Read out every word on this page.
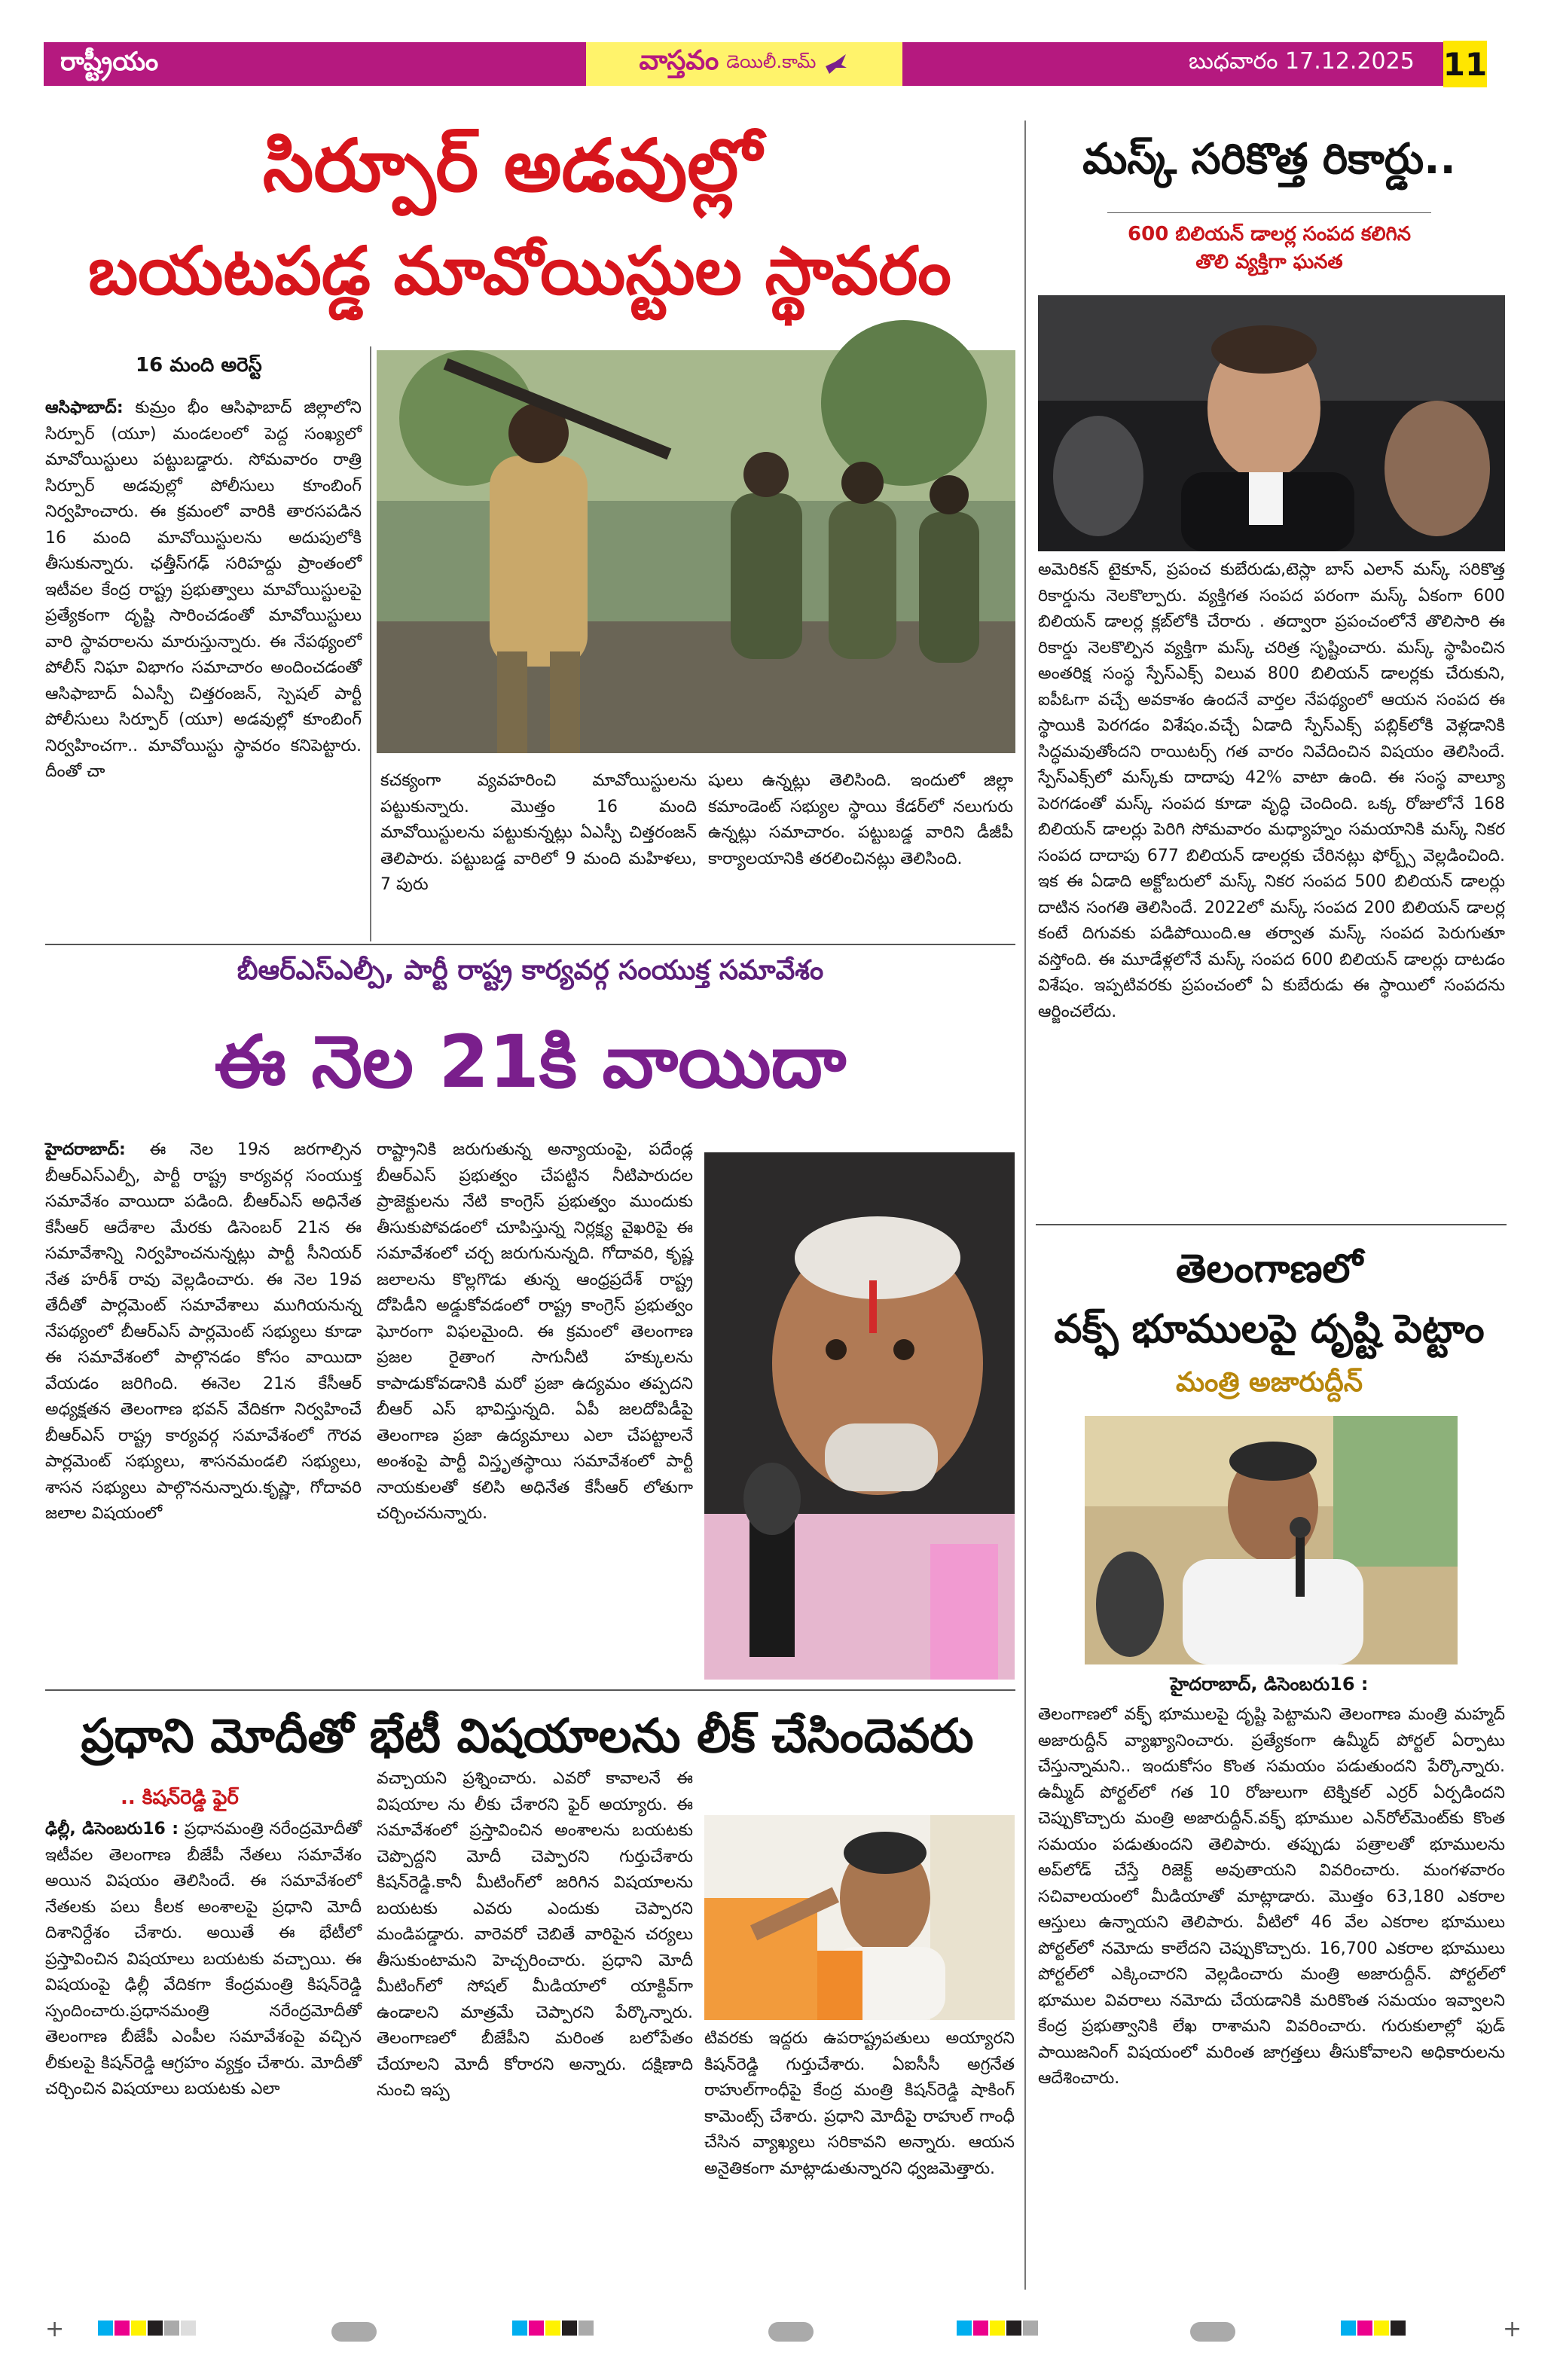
రాష్ట్రీయం	వాస్తవం డెయిలీ.కామ్	బుధవారం 17.12.2025 11
సిర్పూర్‌ అడవుల్లో
బయటపడ్డ మావోయిస్టుల స్థావరం
16 మంది అరెస్ట్‌
ఆసిఫాబాద్‌: కుమ్రం భీం ఆసిఫాబాద్‌ జిల్లాలోని సిర్పూర్‌ (యూ) మండలంలో పెద్ద సంఖ్యలో మావోయిస్టులు పట్టుబడ్డారు. సోమవారం రాత్రి సిర్పూర్‌ అడవుల్లో పోలీసులు కూంబింగ్‌ నిర్వహించారు. ఈ క్రమంలో వారికి తారసపడిన 16 మంది మావోయిస్టులను అదుపులోకి తీసుకున్నారు. ఛత్తీస్‌గఢ్‌ సరిహద్దు ప్రాంతంలో ఇటీవల కేంద్ర రాష్ట్ర ప్రభుత్వాలు మావోయిస్టులపై ప్రత్యేకంగా దృష్టి సారించడంతో మావోయిస్టులు వారి స్థావరాలను మారుస్తున్నారు. ఈ నేపథ్యంలో పోలీస్‌ నిఘా విభాగం సమాచారం అందించడంతో ఆసిఫాబాద్‌ ఏఎస్పీ చిత్తరంజన్‌, స్పెషల్‌ పార్టీ పోలీసులు సిర్పూర్‌ (యూ) అడవుల్లో కూంబింగ్‌ నిర్వహించగా.. మావోయిస్టు స్థావరం కనిపెట్టారు. దీంతో చా	కచక్యంగా వ్యవహరించి మావోయిస్టులను పట్టుకున్నారు. మొత్తం 16 మంది మావోయిస్టులను పట్టుకున్నట్లు ఏఎస్పీ చిత్తరంజన్‌ తెలిపారు. పట్టుబడ్డ వారిలో 9 మంది మహిళలు, 7 పురు
షులు ఉన్నట్లు తెలిసింది. ఇందులో జిల్లా కమాండెంట్‌ సభ్యుల స్థాయి కేడర్‌లో నలుగురు ఉన్నట్లు సమాచారం. పట్టుబడ్డ వారిని డీజీపీ కార్యాలయానికి తరలించినట్లు తెలిసింది.
బీఆర్‌ఎస్‌ఎల్పీ, పార్టీ రాష్ట్ర కార్యవర్గ సంయుక్త సమావేశం
ఈ నెల 21కి వాయిదా
హైదరాబాద్‌: ఈ నెల 19న జరగాల్సిన బీఆర్‌ఎస్‌ఎల్పీ, పార్టీ రాష్ట్ర కార్యవర్గ సంయుక్త సమావేశం వాయిదా పడింది. బీఆర్‌ఎస్‌ అధినేత కేసీఆర్‌ ఆదేశాల మేరకు డిసెంబర్‌ 21న ఈ సమావేశాన్ని నిర్వహించనున్నట్లు పార్టీ సీనియర్‌ నేత హరీశ్‌ రావు వెల్లడించారు. ఈ నెల 19వ తేదీతో పార్లమెంట్‌ సమావేశాలు ముగియనున్న నేపథ్యంలో బీఆర్‌ఎస్‌ పార్లమెంట్‌ సభ్యులు కూడా ఈ సమావేశంలో పాల్గొనడం కోసం వాయిదా వేయడం జరిగింది. ఈనెల 21న కేసీఆర్‌ అధ్యక్షతన తెలంగాణ భవన్‌ వేదికగా నిర్వహించే బీఆర్‌ఎస్‌ రాష్ట్ర కార్యవర్గ సమావేశంలో గౌరవ పార్లమెంట్‌ సభ్యులు, శాసనమండలి సభ్యులు, శాసన సభ్యులు పాల్గొననున్నారు.కృష్ణా, గోదావరి జలాల విషయంలో
రాష్ట్రానికి జరుగుతున్న అన్యాయంపై, పదేండ్ల బీఆర్‌ఎస్‌ ప్రభుత్వం చేపట్టిన నీటిపారుదల ప్రాజెక్టులను నేటి కాంగ్రెస్‌ ప్రభుత్వం ముందుకు తీసుకుపోవడంలో చూపిస్తున్న నిర్లక్ష్య వైఖరిపై ఈ సమావేశంలో చర్చ జరుగునున్నది. గోదావరి, కృష్ణ జలాలను కొల్లగొడు తున్న ఆంధ్రప్రదేశ్‌ రాష్ట్ర దోపిడీని అడ్డుకోవడంలో రాష్ట్ర కాంగ్రెస్‌ ప్రభుత్వం ఘోరంగా విఫలమైంది. ఈ క్రమంలో తెలంగాణ ప్రజల రైతాంగ సాగునీటి హక్కులను కాపాడుకోవడానికి మరో ప్రజా ఉద్యమం తప్పదని బీఆర్‌ ఎస్‌ భావిస్తున్నది. ఏపీ జలదోపిడీపై తెలంగాణ ప్రజా ఉద్యమాలు ఎలా చేపట్టాలనే అంశంపై పార్టీ విస్తృతస్థాయి సమావేశంలో పార్టీ నాయకులతో కలిసి అధినేత కేసీఆర్‌ లోతుగా చర్చించనున్నారు.
ప్రధాని మోదీతో భేటీ విషయాలను లీక్‌ చేసిందెవరు
.. కిషన్‌రెడ్డి ఫైర్‌
ఢిల్లీ, డిసెంబరు16 : ప్రధానమంత్రి నరేంద్రమోదీతో ఇటీవల తెలంగాణ బీజేపీ నేతలు సమావేశం అయిన విషయం తెలిసిందే. ఈ సమావేశంలో నేతలకు పలు కీలక అంశాలపై ప్రధాని మోదీ దిశానిర్దేశం చేశారు. అయితే ఈ భేటీలో ప్రస్తావించిన విషయాలు బయటకు వచ్చాయి. ఈ విషయంపై ఢిల్లీ వేదికగా కేంద్రమంత్రి కిషన్‌రెడ్డి స్పందించారు.ప్రధానమంత్రి నరేంద్రమోదీతో తెలంగాణ బీజేపీ ఎంపీల సమావేశంపై వచ్చిన లీకులపై కిషన్‌రెడ్డి ఆగ్రహం వ్యక్తం చేశారు. మోదీతో చర్చించిన విషయాలు బయటకు ఎలా
వచ్చాయని ప్రశ్నించారు. ఎవరో కావాలనే ఈ విషయాల ను లీకు చేశారని ఫైర్‌ అయ్యారు. ఈ సమావేశంలో ప్రస్తావించిన అంశాలను బయటకు చెప్పొద్దని మోదీ చెప్పారని గుర్తుచేశారు కిషన్‌రెడ్డి.కానీ మీటింగ్‌లో జరిగిన విషయాలను బయటకు ఎవరు ఎందుకు చెప్పారని మండిపడ్డారు. వారెవరో చెబితే వారిపైన చర్యలు తీసుకుంటామని హెచ్చరించారు. ప్రధాని మోదీ మీటింగ్‌లో సోషల్‌ మీడియాలో యాక్టివ్‌గా ఉండాలని మాత్రమే చెప్పారని పేర్కొన్నారు. తెలంగాణలో బీజేపీని మరింత బలోపేతం చేయాలని మోదీ కోరారని అన్నారు. దక్షిణాది నుంచి ఇప్ప
టివరకు ఇద్దరు ఉపరాష్ట్రపతులు అయ్యారని కిషన్‌రెడ్డి గుర్తుచేశారు. ఏఐసీసీ అగ్రనేత రాహుల్‌గాంధీపై కేంద్ర మంత్రి కిషన్‌రెడ్డి షాకింగ్‌ కామెంట్స్‌ చేశారు. ప్రధాని మోదీపై రాహుల్‌ గాంధీ చేసిన వ్యాఖ్యలు సరికావని అన్నారు. ఆయన అనైతికంగా మాట్లాడుతున్నారని ధ్వజమెత్తారు.
మస్క్‌ సరికొత్త రికార్డు..
600 బిలియన్‌ డాలర్ల సంపద కలిగిన
తొలి వ్యక్తిగా ఘనత
అమెరికన్‌ టైకూన్‌, ప్రపంచ కుబేరుడు,టెస్లా బాస్‌ ఎలాన్‌ మస్క్‌ సరికొత్త రికార్డును నెలకొల్పారు. వ్యక్తిగత సంపద పరంగా మస్క్‌ ఏకంగా 600 బిలియన్‌ డాలర్ల క్లబ్‌లోకి చేరారు . తద్వారా ప్రపంచంలోనే తొలిసారి ఈ రికార్డు నెలకొల్పిన వ్యక్తిగా మస్క్‌ చరిత్ర సృష్టించారు. మస్క్‌ స్థాపించిన అంతరిక్ష సంస్థ స్పేస్‌ఎక్స్‌ విలువ 800 బిలియన్‌ డాలర్లకు చేరుకుని, ఐపీఓగా వచ్చే అవకాశం ఉందనే వార్తల నేపథ్యంలో ఆయన సంపద ఈ స్థాయికి పెరగడం విశేషం.వచ్చే ఏడాది స్పేస్‌ఎక్స్‌ పబ్లిక్‌లోకి వెళ్లడానికి సిద్ధమవుతోందని రాయిటర్స్‌ గత వారం నివేదించిన విషయం తెలిసిందే. స్పేస్‌ఎక్స్‌లో మస్క్‌కు దాదాపు 42% వాటా ఉంది. ఈ సంస్థ వాల్యూ పెరగడంతో మస్క్‌ సంపద కూడా వృద్ధి చెందింది. ఒక్క రోజులోనే 168 బిలియన్‌ డాలర్లు పెరిగి సోమవారం మధ్యాహ్నం సమయానికి మస్క్‌ నికర సంపద దాదాపు 677 బిలియన్‌ డాలర్లకు చేరినట్లు ఫోర్బ్స్‌ వెల్లడించింది. ఇక ఈ ఏడాది అక్టోబరులో మస్క్‌ నికర సంపద 500 బిలియన్‌ డాలర్లు దాటిన సంగతి తెలిసిందే. 2022లో మస్క్‌ సంపద 200 బిలియన్‌ డాలర్ల కంటే దిగువకు పడిపోయింది.ఆ తర్వాత మస్క్‌ సంపద పెరుగుతూ వస్తోంది. ఈ మూడేళ్లలోనే మస్క్‌ సంపద 600 బిలియన్‌ డాలర్లు దాటడం విశేషం. ఇప్పటివరకు ప్రపంచంలో ఏ కుబేరుడు ఈ స్థాయిలో సంపదను ఆర్జించలేదు.
తెలంగాణలో
వక్ఫ్‌ భూములపై దృష్టి పెట్టాం
మంత్రి అజారుద్దీన్‌
హైదరాబాద్‌, డిసెంబరు16 :
తెలంగాణలో వక్ఫ్‌ భూములపై దృష్టి పెట్టామని తెలంగాణ మంత్రి మహ్మద్‌ అజారుద్దీన్‌ వ్యాఖ్యానించారు. ప్రత్యేకంగా ఉమ్మీద్‌ పోర్టల్‌ ఏర్పాటు చేస్తున్నామని.. ఇందుకోసం కొంత సమయం పడుతుందని పేర్కొన్నారు. ఉమ్మీద్‌ పోర్టల్‌లో గత 10 రోజులుగా టెక్నికల్‌ ఎర్రర్‌ ఏర్పడిందని చెప్పుకొచ్చారు మంత్రి అజారుద్దీన్‌.వక్ఫ్‌ భూముల ఎన్‌రోల్‌మెంట్‌కు కొంత సమయం పడుతుందని తెలిపారు. తప్పుడు పత్రాలతో భూములను అప్‌లోడ్‌ చేస్తే రిజెక్ట్‌ అవుతాయని వివరించారు. మంగళవారం సచివాలయంలో మీడియాతో మాట్లాడారు. మొత్తం 63,180 ఎకరాల ఆస్తులు ఉన్నాయని తెలిపారు. వీటిలో 46 వేల ఎకరాల భూములు పోర్టల్‌లో నమోదు కాలేదని చెప్పుకొచ్చారు. 16,700 ఎకరాల భూములు పోర్టల్‌లో ఎక్కించారని వెల్లడించారు మంత్రి అజారుద్దీన్‌. పోర్టల్‌లో భూముల వివరాలు నమోదు చేయడానికి మరికొంత సమయం ఇవ్వాలని కేంద్ర ప్రభుత్వానికి లేఖ రాశామని వివరించారు. గురుకులాల్లో ఫుడ్‌ పాయిజనింగ్‌ విషయంలో మరింత జాగ్రత్తలు తీసుకోవాలని అధికారులను ఆదేశించారు.
+	+
